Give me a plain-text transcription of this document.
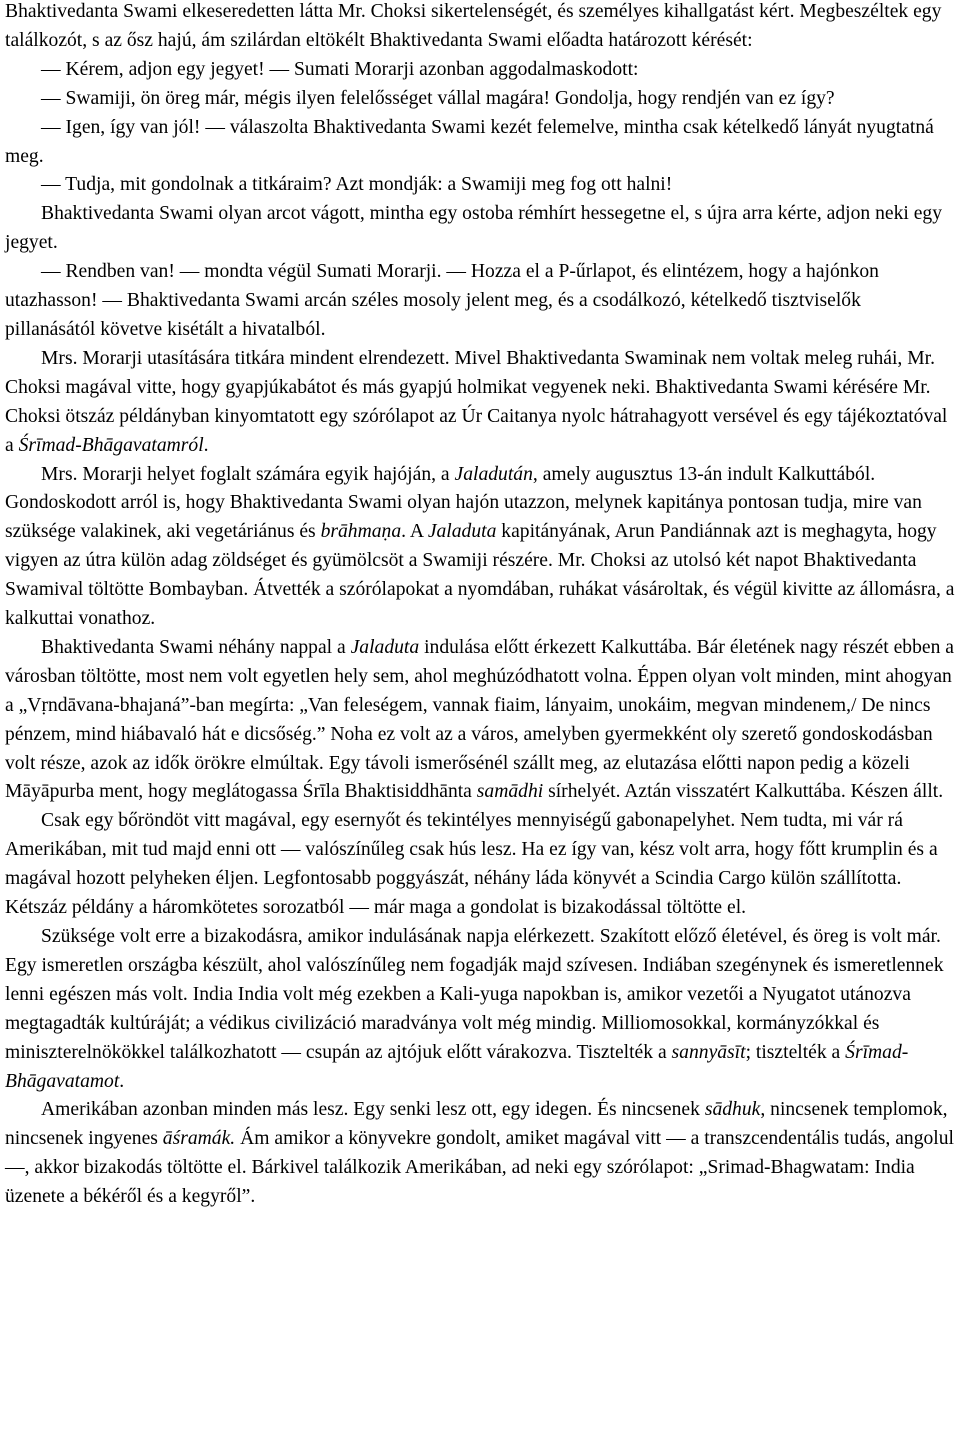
Bhaktivedanta Swami elkeseredetten látta Mr. Choksi sikertelenségét, és személyes kihallgatást kért. Megbeszéltek egy találkozót, s az ősz hajú, ám szilárdan eltökélt Bhaktivedanta Swami előadta határozott kérését:

— Kérem, adjon egy jegyet! — Sumati Morarji azonban aggodalmaskodott:

— Swamiji, ön öreg már, mégis ilyen felelősséget vállal magára! Gondolja, hogy rendjén van ez így?

— Igen, így van jól! — válaszolta Bhaktivedanta Swami kezét felemelve, mintha csak kételkedő lányát nyugtatná meg.

— Tudja, mit gondolnak a titkáraim? Azt mondják: a Swamiji meg fog ott halni!

Bhaktivedanta Swami olyan arcot vágott, mintha egy ostoba rémhírt hessegetne el, s újra arra kérte, adjon neki egy jegyet.

— Rendben van! — mondta végül Sumati Morarji. — Hozza el a P-űrlapot, és elintézem, hogy a hajónkon utazhasson! — Bhaktivedanta Swami arcán széles mosoly jelent meg, és a csodálkozó, kételkedő tisztviselők pillanásától követve kisétált a hivatalból.

Mrs. Morarji utasítására titkára mindent elrendezett. Mivel Bhaktivedanta Swaminak nem voltak meleg ruhái, Mr. Choksi magával vitte, hogy gyapjúkabátot és más gyapjú holmikat vegyenek neki. Bhaktivedanta Swami kérésére Mr. Choksi ötszáz példányban kinyomtatott egy szórólapot az Úr Caitanya nyolc hátrahagyott versével és egy tájékoztatóval a Śrīmad-Bhāgavatamról.

Mrs. Morarji helyet foglalt számára egyik hajóján, a Jaladután, amely augusztus 13-án indult Kalkuttából. Gondoskodott arról is, hogy Bhaktivedanta Swami olyan hajón utazzon, melynek kapitánya pontosan tudja, mire van szüksége valakinek, aki vegetáriánus és brāhmaṇa. A Jaladuta kapitányának, Arun Pandiánnak azt is meghagyta, hogy vigyen az útra külön adag zöldséget és gyümölcsöt a Swamiji részére. Mr. Choksi az utolsó két napot Bhaktivedanta Swamival töltötte Bombayban. Átvették a szórólapokat a nyomdában, ruhákat vásároltak, és végül kivitte az állomásra, a kalkuttai vonathoz.

Bhaktivedanta Swami néhány nappal a Jaladuta indulása előtt érkezett Kalkuttába. Bár életének nagy részét ebben a városban töltötte, most nem volt egyetlen hely sem, ahol meghúzódhatott volna. Éppen olyan volt minden, mint ahogyan a „Vṛndāvana-bhajaná”-ban megírta: „Van feleségem, vannak fiaim, lányaim, unokáim, megvan mindenem,/ De nincs pénzem, mind hiábavaló hát e dicsőség.” Noha ez volt az a város, amelyben gyermekként oly szerető gondoskodásban volt része, azok az idők örökre elmúltak. Egy távoli ismerősénél szállt meg, az elutazása előtti napon pedig a közeli Māyāpurba ment, hogy meglátogassa Śrīla Bhaktisiddhānta samādhi sírhelyét. Aztán visszatért Kalkuttába. Készen állt.

Csak egy bőröndöt vitt magával, egy esernyőt és tekintélyes mennyiségű gabonapelyhet. Nem tudta, mi vár rá Amerikában, mit tud majd enni ott — valószínűleg csak hús lesz. Ha ez így van, kész volt arra, hogy főtt krumplin és a magával hozott pelyheken éljen. Legfontosabb poggyászát, néhány láda könyvét a Scindia Cargo külön szállította. Kétszáz példány a háromkötetes sorozatból — már maga a gondolat is bizakodással töltötte el.

Szüksége volt erre a bizakodásra, amikor indulásának napja elérkezett. Szakított előző életével, és öreg is volt már. Egy ismeretlen országba készült, ahol valószínűleg nem fogadják majd szívesen. Indiában szegénynek és ismeretlennek lenni egészen más volt. India India volt még ezekben a Kali-yuga napokban is, amikor vezetői a Nyugatot utánozva megtagadták kultúráját; a védikus civilizáció maradványa volt még mindig. Milliomosokkal, kormányzókkal és miniszterelnökökkel találkozhatott — csupán az ajtójuk előtt várakozva. Tisztelték a sannyāsīt; tisztelték a Śrīmad-Bhāgavatamot.

Amerikában azonban minden más lesz. Egy senki lesz ott, egy idegen. És nincsenek sādhuk, nincsenek templomok, nincsenek ingyenes āśramák. Ám amikor a könyvekre gondolt, amiket magával vitt — a transzcendentális tudás, angolul —, akkor bizakodás töltötte el. Bárkivel találkozik Amerikában, ad neki egy szórólapot: „Srimad-Bhagwatam: India üzenete a békéről és a kegyről”.
